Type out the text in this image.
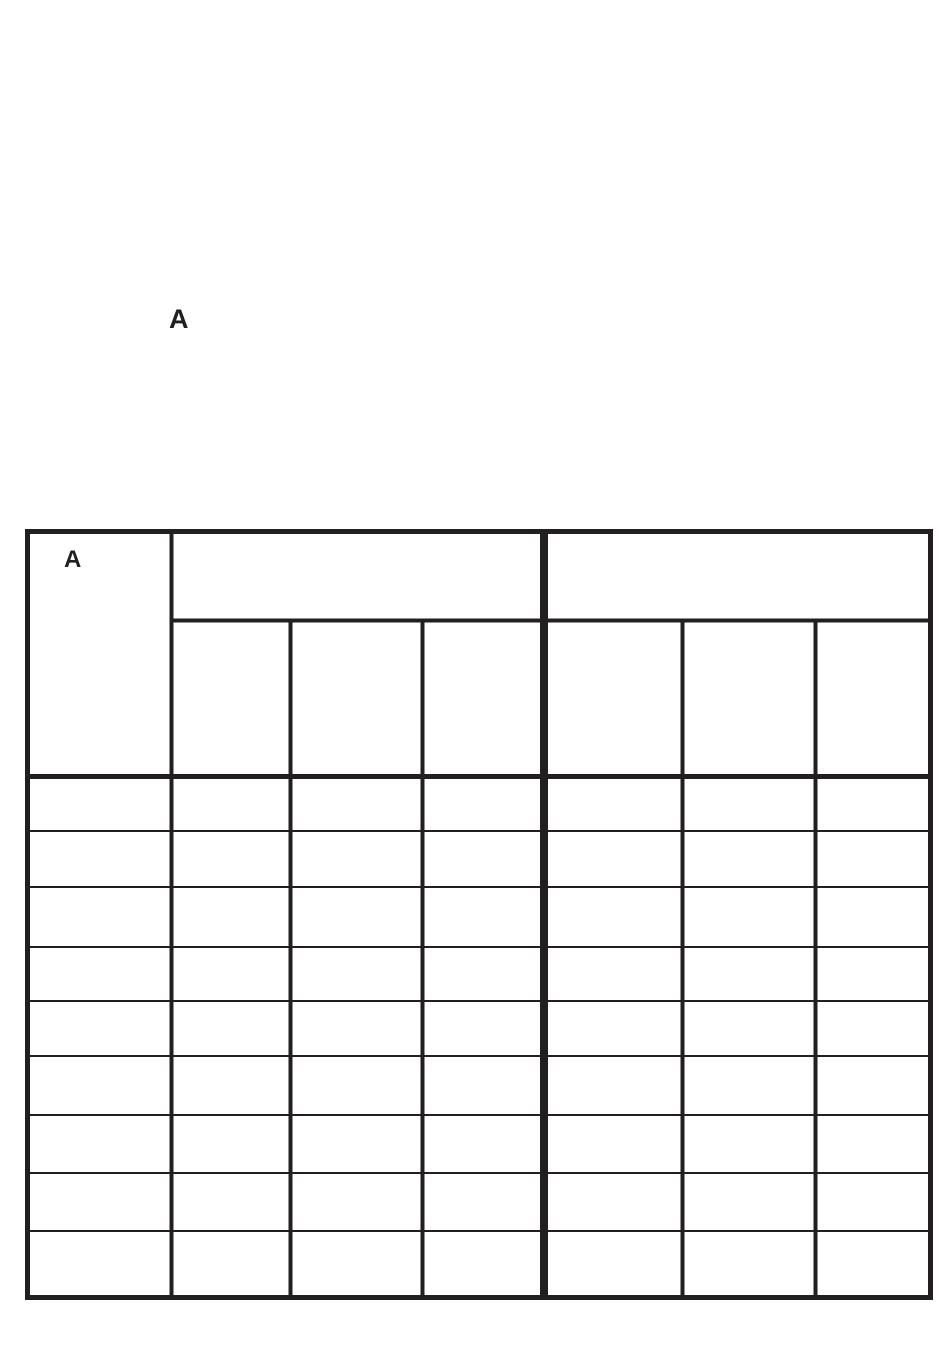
A
A
